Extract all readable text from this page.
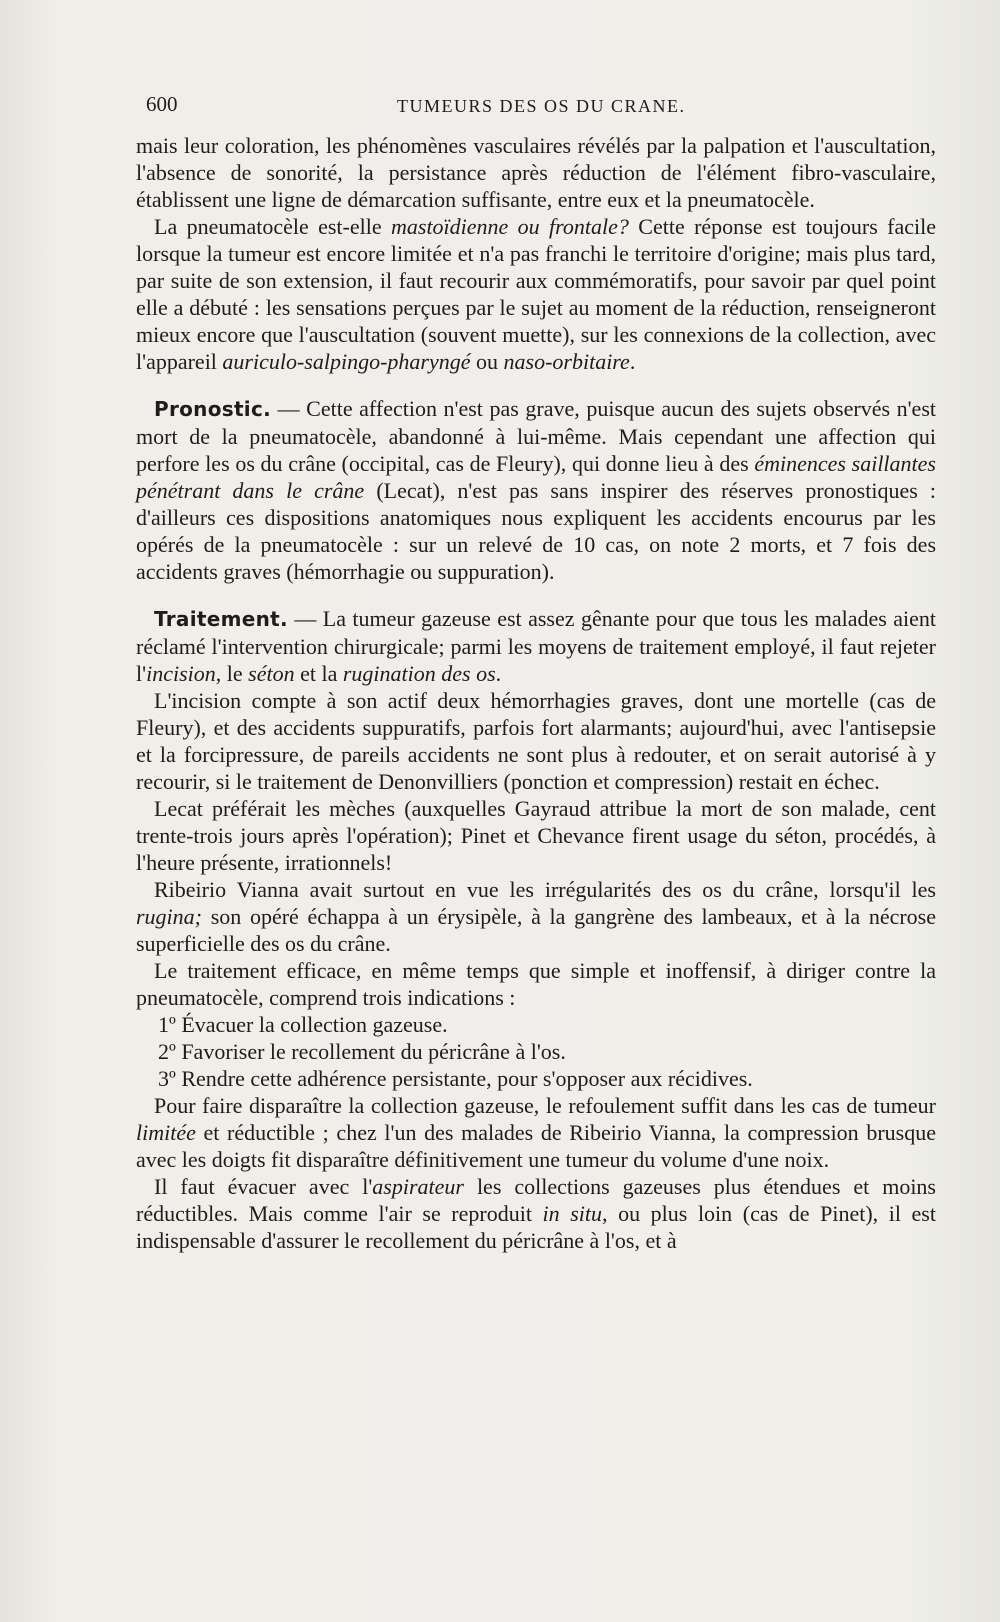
600	TUMEURS DES OS DU CRANE.

mais leur coloration, les phénomènes vasculaires révélés par la palpation et l'auscultation, l'absence de sonorité, la persistance après réduction de l'élément fibro-vasculaire, établissent une ligne de démarcation suffisante, entre eux et la pneumatocèle.

La pneumatocèle est-elle mastoïdienne ou frontale? Cette réponse est toujours facile lorsque la tumeur est encore limitée et n'a pas franchi le territoire d'origine; mais plus tard, par suite de son extension, il faut recourir aux commémoratifs, pour savoir par quel point elle a débuté : les sensations perçues par le sujet au moment de la réduction, renseigneront mieux encore que l'auscultation (souvent muette), sur les connexions de la collection, avec l'appareil auriculo-salpingo-pharyngé ou naso-orbitaire.

Pronostic. — Cette affection n'est pas grave, puisque aucun des sujets observés n'est mort de la pneumatocèle, abandonné à lui-même. Mais cependant une affection qui perfore les os du crâne (occipital, cas de Fleury), qui donne lieu à des éminences saillantes pénétrant dans le crâne (Lecat), n'est pas sans inspirer des réserves pronostiques : d'ailleurs ces dispositions anatomiques nous expliquent les accidents encourus par les opérés de la pneumatocèle : sur un relevé de 10 cas, on note 2 morts, et 7 fois des accidents graves (hémorrhagie ou suppuration).

Traitement. — La tumeur gazeuse est assez gênante pour que tous les malades aient réclamé l'intervention chirurgicale; parmi les moyens de traitement employé, il faut rejeter l'incision, le séton et la rugination des os.

L'incision compte à son actif deux hémorrhagies graves, dont une mortelle (cas de Fleury), et des accidents suppuratifs, parfois fort alarmants; aujourd'hui, avec l'antisepsie et la forcipressure, de pareils accidents ne sont plus à redouter, et on serait autorisé à y recourir, si le traitement de Denonvilliers (ponction et compression) restait en échec.

Lecat préférait les mèches (auxquelles Gayraud attribue la mort de son malade, cent trente-trois jours après l'opération); Pinet et Chevance firent usage du séton, procédés, à l'heure présente, irrationnels!

Ribeirio Vianna avait surtout en vue les irrégularités des os du crâne, lorsqu'il les rugina; son opéré échappa à un érysipèle, à la gangrène des lambeaux, et à la nécrose superficielle des os du crâne.

Le traitement efficace, en même temps que simple et inoffensif, à diriger contre la pneumatocèle, comprend trois indications :

1º Évacuer la collection gazeuse.

2º Favoriser le recollement du péricrâne à l'os.

3º Rendre cette adhérence persistante, pour s'opposer aux récidives.

Pour faire disparaître la collection gazeuse, le refoulement suffit dans les cas de tumeur limitée et réductible ; chez l'un des malades de Ribeirio Vianna, la compression brusque avec les doigts fit disparaître définitivement une tumeur du volume d'une noix.

Il faut évacuer avec l'aspirateur les collections gazeuses plus étendues et moins réductibles. Mais comme l'air se reproduit in situ, ou plus loin (cas de Pinet), il est indispensable d'assurer le recollement du péricrâne à l'os, et à
